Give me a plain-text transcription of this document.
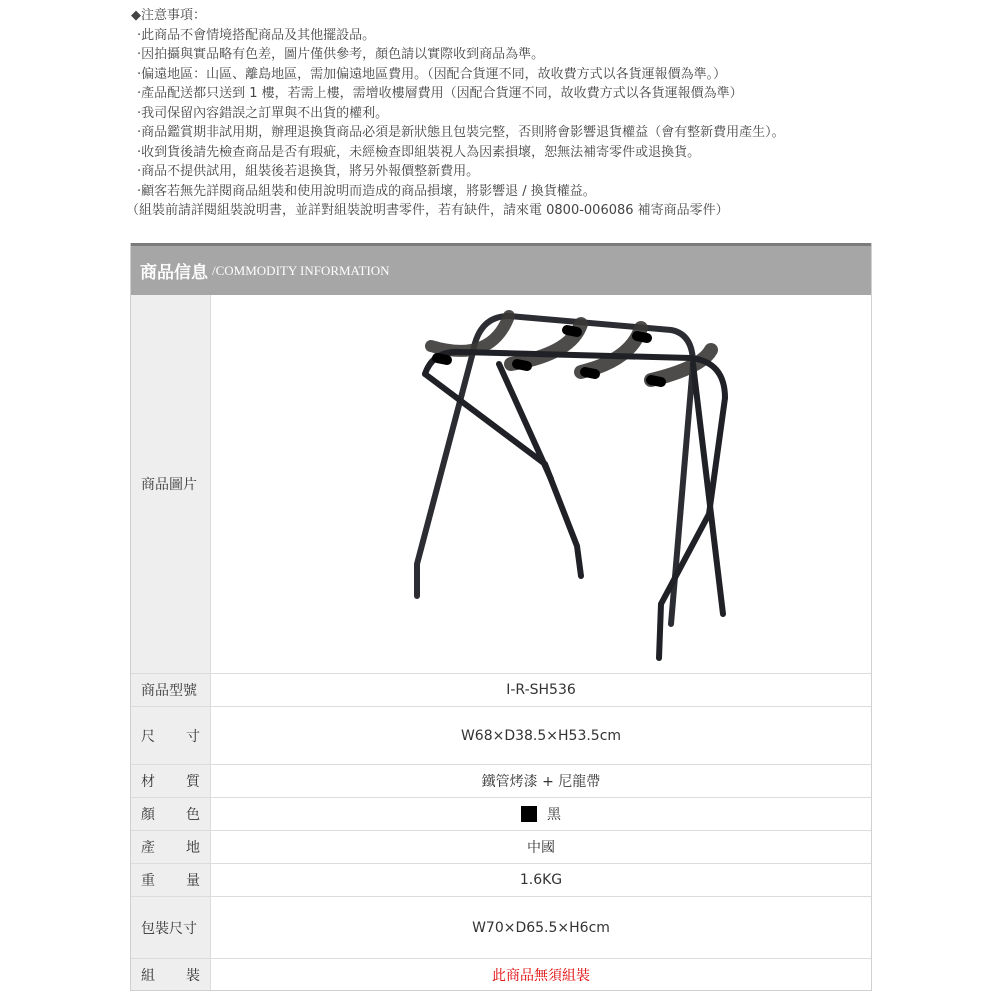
◆注意事項：

‧此商品不會情境搭配商品及其他擺設品。

‧因拍攝與實品略有色差，圖片僅供參考，顏色請以實際收到商品為準。

‧偏遠地區：山區、離島地區，需加偏遠地區費用。（因配合貨運不同，故收費方式以各貨運報價為準。）

‧產品配送都只送到 1 樓，若需上樓，需增收樓層費用（因配合貨運不同，故收費方式以各貨運報價為準）

‧我司保留內容錯誤之訂單與不出貨的權利。

‧商品鑑賞期非試用期，辦理退換貨商品必須是新狀態且包裝完整，否則將會影響退貨權益（會有整新費用產生）。

‧收到貨後請先檢查商品是否有瑕疵，未經檢查即組裝視人為因素損壞，恕無法補寄零件或退換貨。

‧商品不提供試用，組裝後若退換貨，將另外報價整新費用。

‧顧客若無先詳閱商品組裝和使用說明而造成的商品損壞，將影響退 / 換貨權益。

（組裝前請詳閱組裝說明書，並詳對組裝說明書零件，若有缺件，請來電 0800-006086 補寄商品零件）

商品信息 /COMMODITY INFORMATION
商品圖片
商品型號	I-R-SH536
尺 寸	W68×D38.5×H53.5cm
材 質	鐵管烤漆 + 尼龍帶
顏 色	黑
產 地	中國
重 量	1.6KG
包裝尺寸	W70×D65.5×H6cm
組 裝	此商品無須組裝
